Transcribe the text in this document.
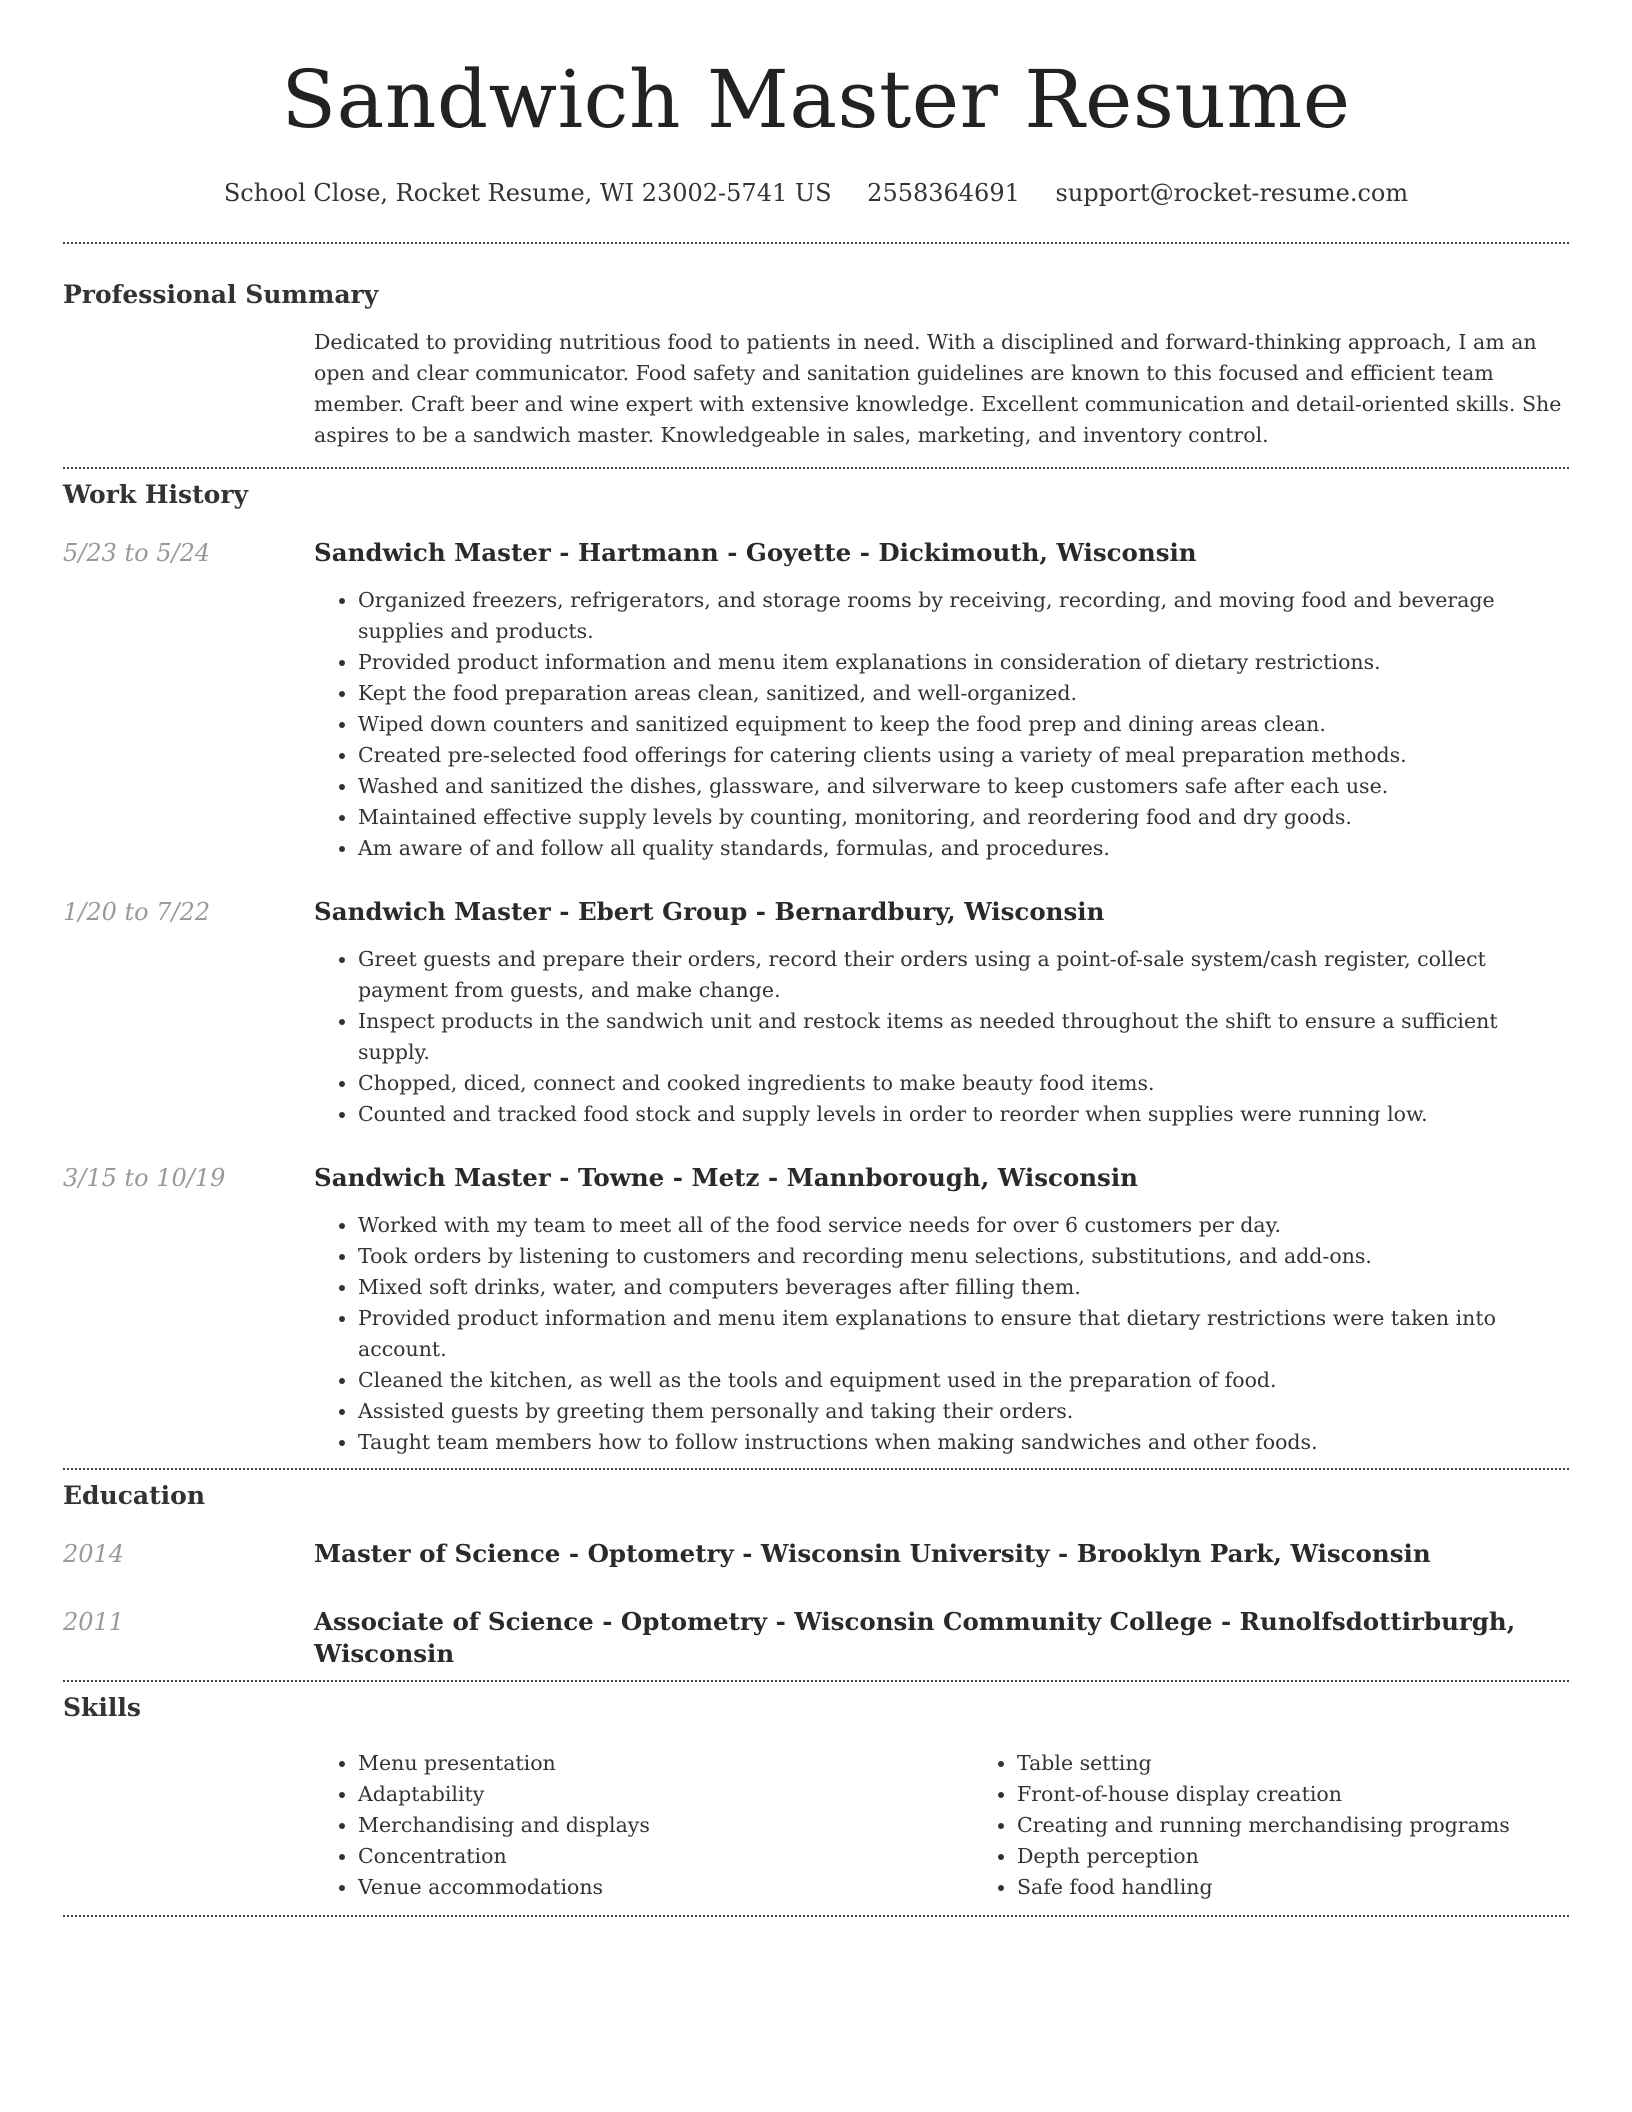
Sandwich Master Resume
School Close, Rocket Resume, WI 23002-5741 US 2558364691 support@rocket-resume.com
Professional Summary

Dedicated to providing nutritious food to patients in need. With a disciplined and forward-thinking approach, I am an open and clear communicator. Food safety and sanitation guidelines are known to this focused and efficient team member. Craft beer and wine expert with extensive knowledge. Excellent communication and detail-oriented skills. She aspires to be a sandwich master. Knowledgeable in sales, marketing, and inventory control.

Work History
5/23 to 5/24	Sandwich Master - Hartmann - Goyette - Dickimouth, Wisconsin
• Organized freezers, refrigerators, and storage rooms by receiving, recording, and moving food and beverage supplies and products.
• Provided product information and menu item explanations in consideration of dietary restrictions.
• Kept the food preparation areas clean, sanitized, and well-organized.
• Wiped down counters and sanitized equipment to keep the food prep and dining areas clean.
• Created pre-selected food offerings for catering clients using a variety of meal preparation methods.
• Washed and sanitized the dishes, glassware, and silverware to keep customers safe after each use.
• Maintained effective supply levels by counting, monitoring, and reordering food and dry goods.
• Am aware of and follow all quality standards, formulas, and procedures.
1/20 to 7/22	Sandwich Master - Ebert Group - Bernardbury, Wisconsin
• Greet guests and prepare their orders, record their orders using a point-of-sale system/cash register, collect payment from guests, and make change.
• Inspect products in the sandwich unit and restock items as needed throughout the shift to ensure a sufficient supply.
• Chopped, diced, connect and cooked ingredients to make beauty food items.
• Counted and tracked food stock and supply levels in order to reorder when supplies were running low.
3/15 to 10/19	Sandwich Master - Towne - Metz - Mannborough, Wisconsin
• Worked with my team to meet all of the food service needs for over 6 customers per day.
• Took orders by listening to customers and recording menu selections, substitutions, and add-ons.
• Mixed soft drinks, water, and computers beverages after filling them.
• Provided product information and menu item explanations to ensure that dietary restrictions were taken into account.
• Cleaned the kitchen, as well as the tools and equipment used in the preparation of food.
• Assisted guests by greeting them personally and taking their orders.
• Taught team members how to follow instructions when making sandwiches and other foods.
Education
2014	Master of Science - Optometry - Wisconsin University - Brooklyn Park, Wisconsin
2011	Associate of Science - Optometry - Wisconsin Community College - Runolfsdottirburgh, Wisconsin
Skills
• Menu presentation
• Adaptability
• Merchandising and displays
• Concentration
• Venue accommodations
• Table setting
• Front-of-house display creation
• Creating and running merchandising programs
• Depth perception
• Safe food handling
